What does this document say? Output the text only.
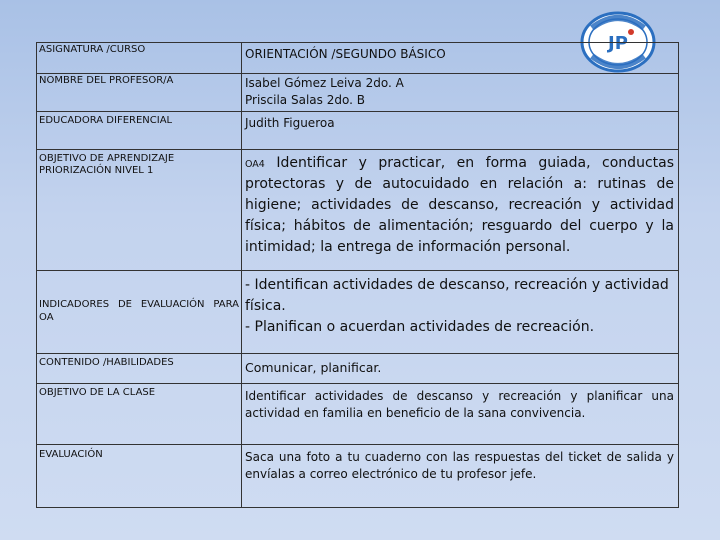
JP
ASIGNATURA /CURSO	ORIENTACIÓN /SEGUNDO BÁSICO
NOMBRE DEL PROFESOR/A	Isabel Gómez Leiva 2do. A
Priscila Salas 2do. B

EDUCADORA DIFERENCIAL	Judith Figueroa

OBJETIVO DE APRENDIZAJE
PRIORIZACIÓN NIVEL 1	OA4 Identificar y practicar, en forma guiada, conductas protectoras y de autocuidado en relación a: rutinas de higiene; actividades de descanso, recreación y actividad física; hábitos de alimentación; resguardo del cuerpo y la intimidad; la entrega de información personal.
INDICADORES DE EVALUACIÓN PARA OA	- Identifican actividades de descanso, recreación y actividad física.
- Planifican o acuerdan actividades de recreación.

CONTENIDO /HABILIDADES	Comunicar, planificar.
OBJETIVO DE LA CLASE	Identificar actividades de descanso y recreación y planificar una actividad en familia en beneficio de la sana convivencia.
EVALUACIÓN	Saca una foto a tu cuaderno con las respuestas del ticket de salida y envíalas a correo electrónico de tu profesor jefe.
